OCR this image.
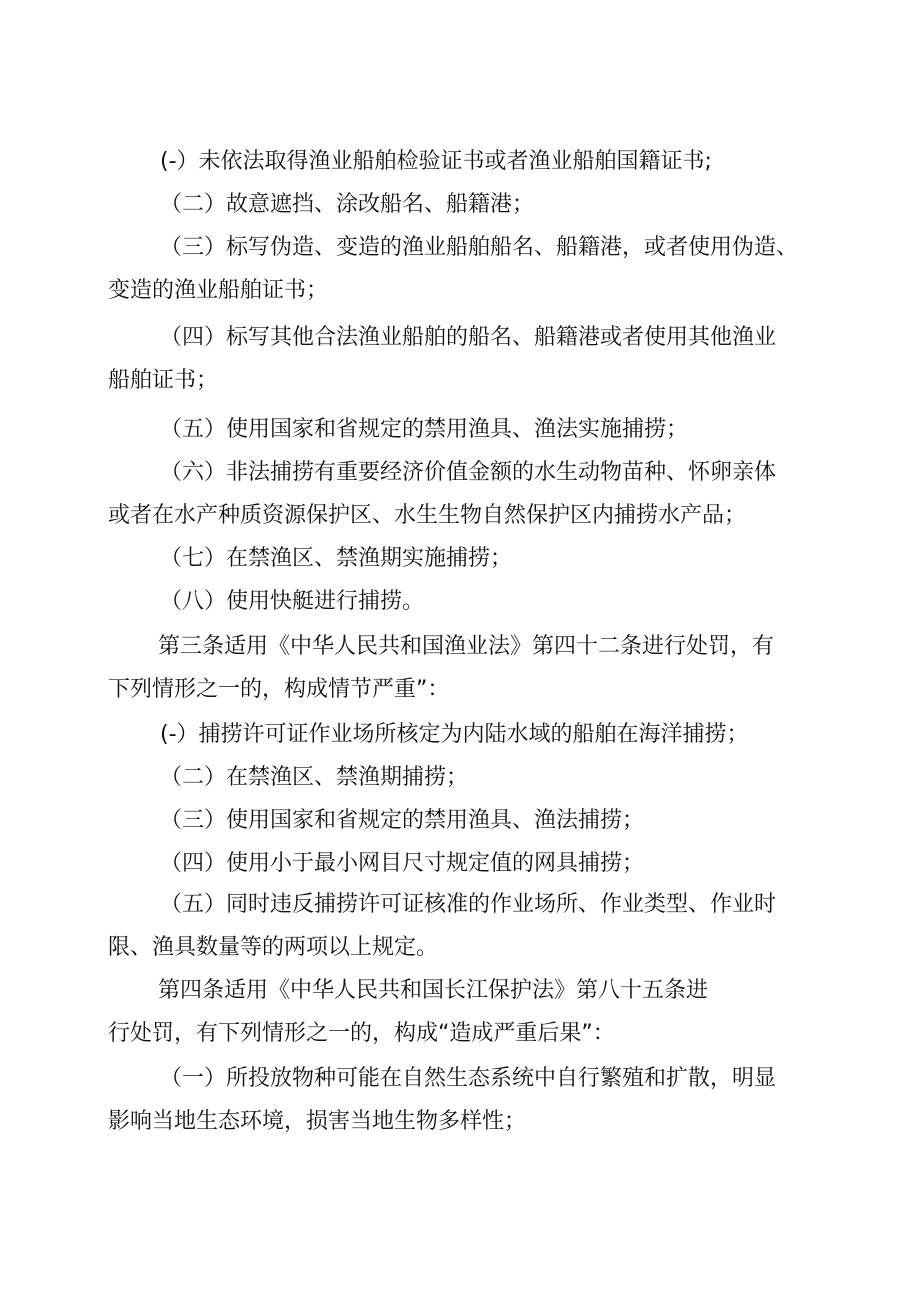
(-）未依法取得渔业船舶检验证书或者渔业船舶国籍证书;

（二）故意遮挡、涂改船名、船籍港；

（三）标写伪造、变造的渔业船舶船名、船籍港，或者使用伪造、
变造的渔业船舶证书；

（四）标写其他合法渔业船舶的船名、船籍港或者使用其他渔业
船舶证书；

（五）使用国家和省规定的禁用渔具、渔法实施捕捞；

（六）非法捕捞有重要经济价值金额的水生动物苗种、怀卵亲体
或者在水产种质资源保护区、水生生物自然保护区内捕捞水产品；

（七）在禁渔区、禁渔期实施捕捞；

（八）使用快艇进行捕捞。

第三条适用《中华人民共和国渔业法》第四十二条进行处罚，有
下列情形之一的，构成情节严重”：

(-）捕捞许可证作业场所核定为内陆水域的船舶在海洋捕捞；

（二）在禁渔区、禁渔期捕捞；

（三）使用国家和省规定的禁用渔具、渔法捕捞；

（四）使用小于最小网目尺寸规定值的网具捕捞；

（五）同时违反捕捞许可证核准的作业场所、作业类型、作业时
限、渔具数量等的两项以上规定。

第四条适用《中华人民共和国长江保护法》第八十五条进
行处罚，有下列情形之一的，构成“造成严重后果”：

（一）所投放物种可能在自然生态系统中自行繁殖和扩散，明显
影响当地生态环境，损害当地生物多样性；
